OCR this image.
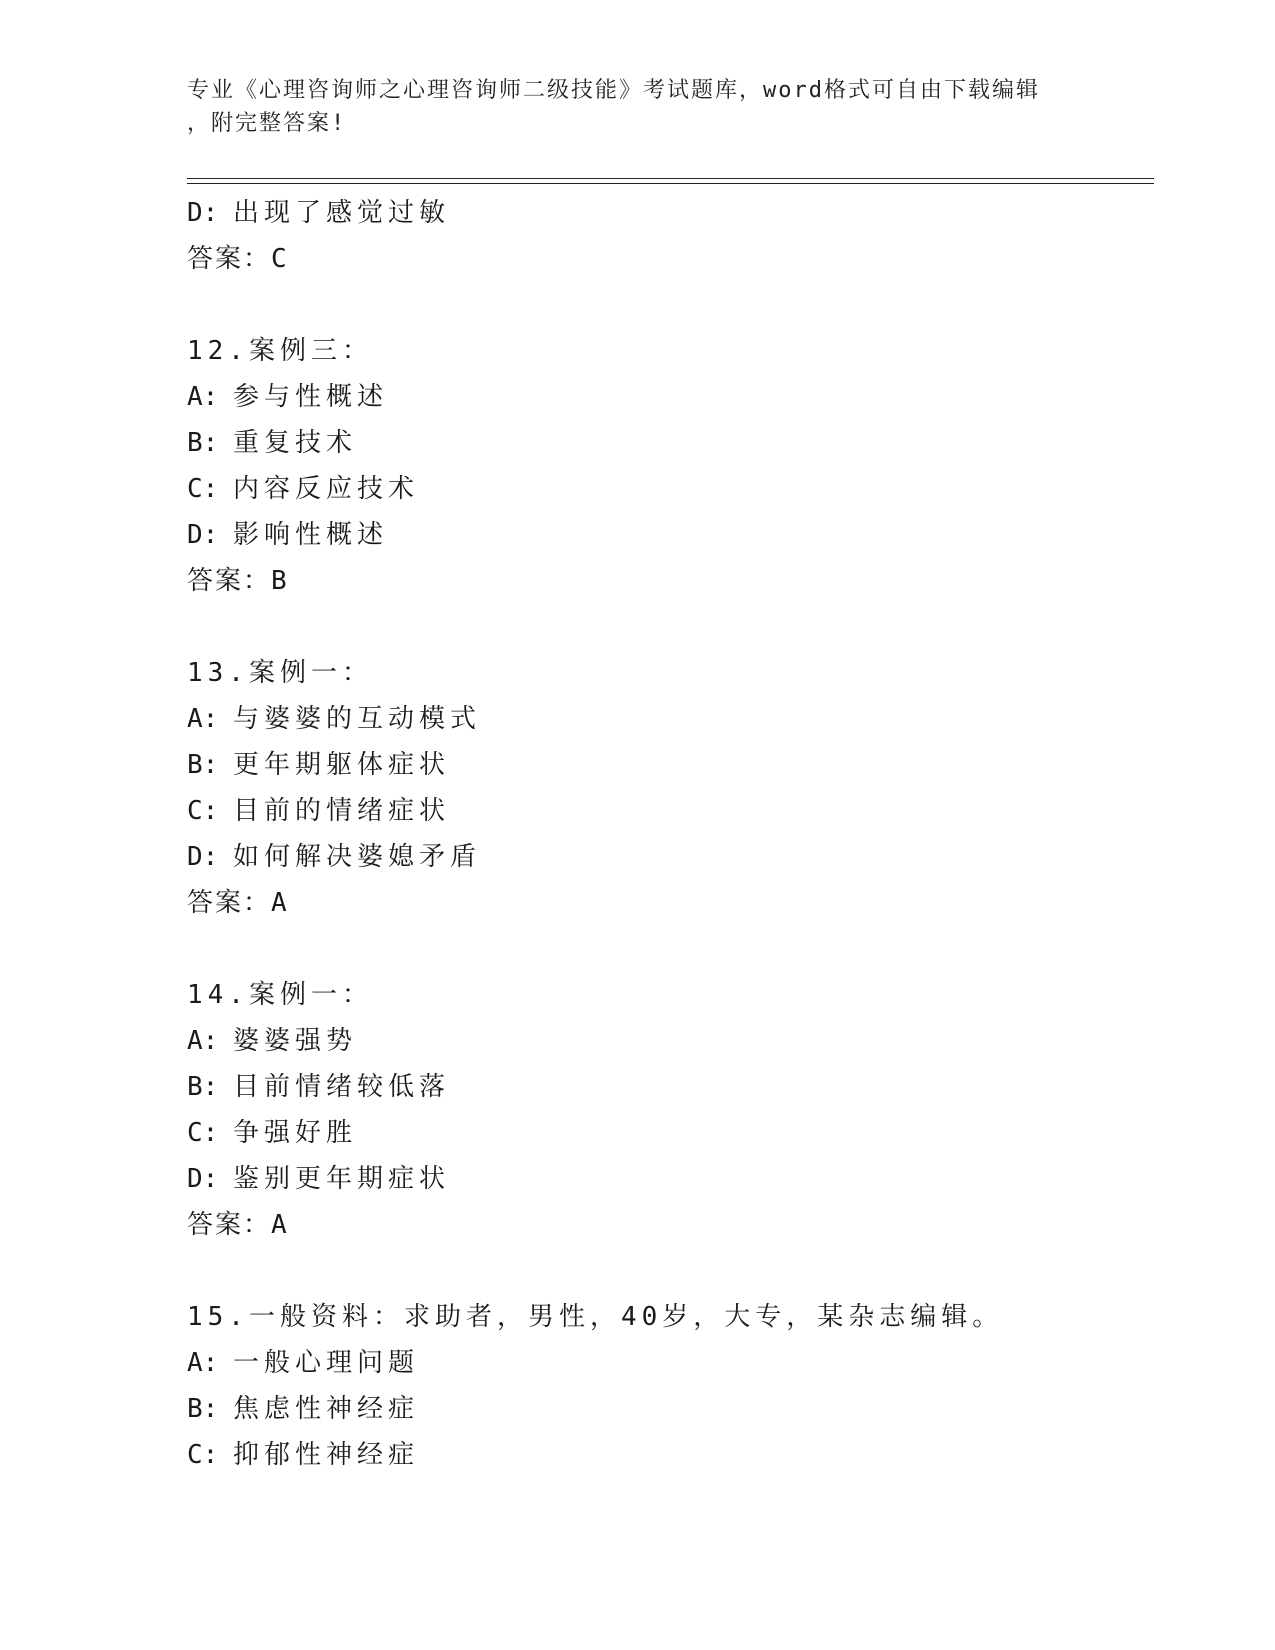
专业《心理咨询师之心理咨询师二级技能》考试题库，word格式可自由下载编辑
，附完整答案!
D: 出现了感觉过敏
答案：C
12.案例三：
A: 参与性概述
B: 重复技术
C: 内容反应技术
D: 影响性概述
答案：B
13.案例一：
A: 与婆婆的互动模式
B: 更年期躯体症状
C: 目前的情绪症状
D: 如何解决婆媳矛盾
答案：A
14.案例一：
A: 婆婆强势
B: 目前情绪较低落
C: 争强好胜
D: 鉴别更年期症状
答案：A
15.一般资料：求助者，男性，40岁，大专，某杂志编辑。
A: 一般心理问题
B: 焦虑性神经症
C: 抑郁性神经症
